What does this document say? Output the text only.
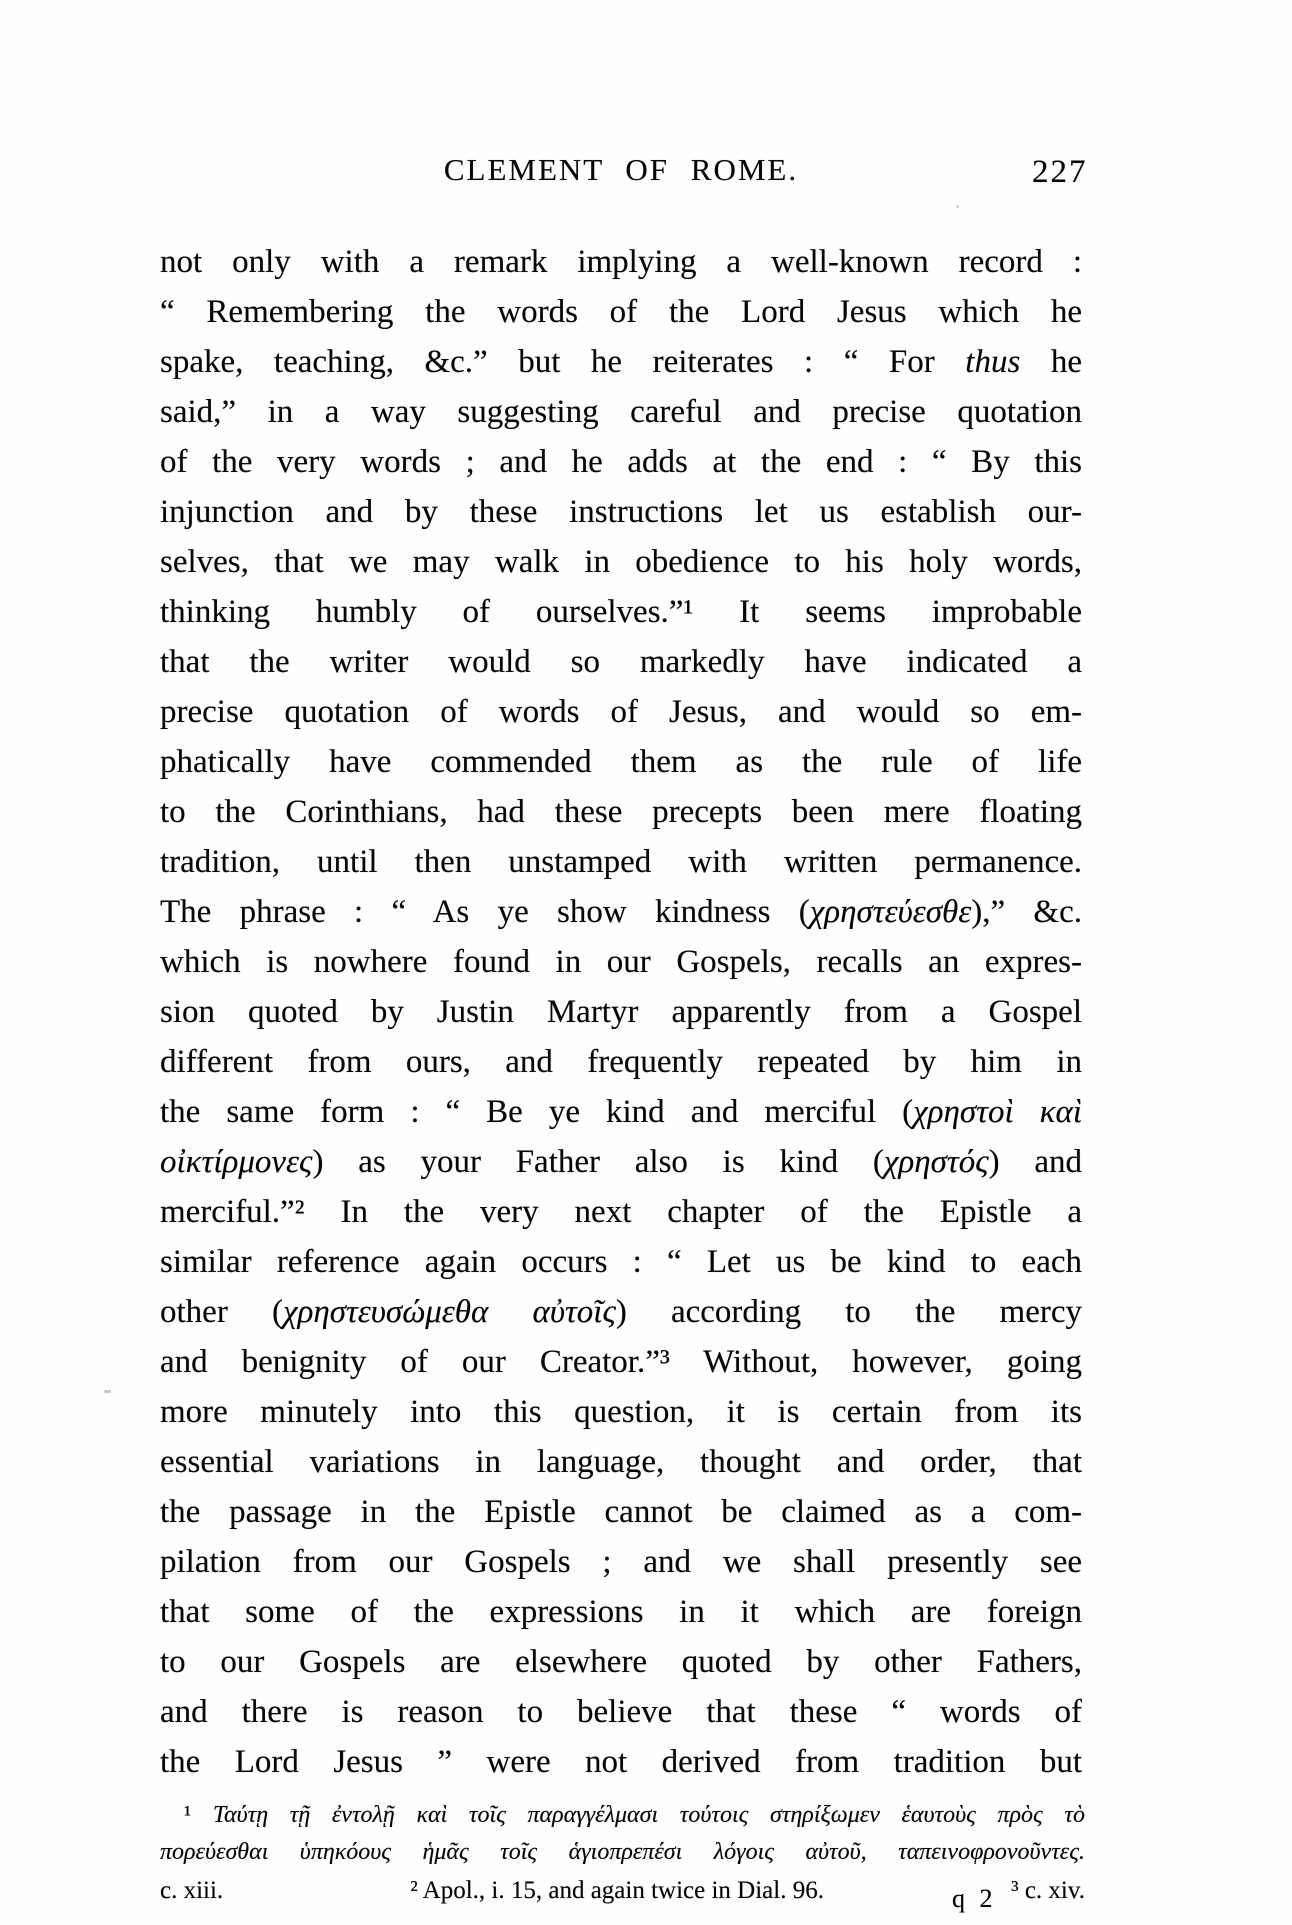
CLEMENT OF ROME.	227
not only with a remark implying a well-known record :
“ Remembering the words of the Lord Jesus which he
spake, teaching, &c.” but he reiterates : “ For thus he
said,” in a way suggesting careful and precise quotation
of the very words ; and he adds at the end : “ By this
injunction and by these instructions let us establish our-
selves, that we may walk in obedience to his holy words,
thinking humbly of ourselves.”¹ It seems improbable
that the writer would so markedly have indicated a
precise quotation of words of Jesus, and would so em-
phatically have commended them as the rule of life
to the Corinthians, had these precepts been mere floating
tradition, until then unstamped with written permanence.
The phrase : “ As ye show kindness (χρηστεύεσθε),” &c.
which is nowhere found in our Gospels, recalls an expres-
sion quoted by Justin Martyr apparently from a Gospel
different from ours, and frequently repeated by him in
the same form : “ Be ye kind and merciful (χρηστοὶ καὶ
οἰκτίρμονες) as your Father also is kind (χρηστός) and
merciful.”² In the very next chapter of the Epistle a
similar reference again occurs : “ Let us be kind to each
other (χρηστευσώμεθα αὐτοῖς) according to the mercy
and benignity of our Creator.”³ Without, however, going
more minutely into this question, it is certain from its
essential variations in language, thought and order, that
the passage in the Epistle cannot be claimed as a com-
pilation from our Gospels ; and we shall presently see
that some of the expressions in it which are foreign
to our Gospels are elsewhere quoted by other Fathers,
and there is reason to believe that these “ words of
the Lord Jesus ” were not derived from tradition but
¹ Ταύτῃ τῇ ἐντολῇ καὶ τοῖς παραγγέλμασι τούτοις στηρίξωμεν ἑαυτοὺς πρὸς τὸ
πορεύεσθαι ὑπηκόους ἡμᾶς τοῖς ἁγιοπρεπέσι λόγοις αὐτοῦ, ταπεινοφρονοῦντες.
c. xiii.	² Apol., i. 15, and again twice in Dial. 96.	³ c. xiv.
q 2
